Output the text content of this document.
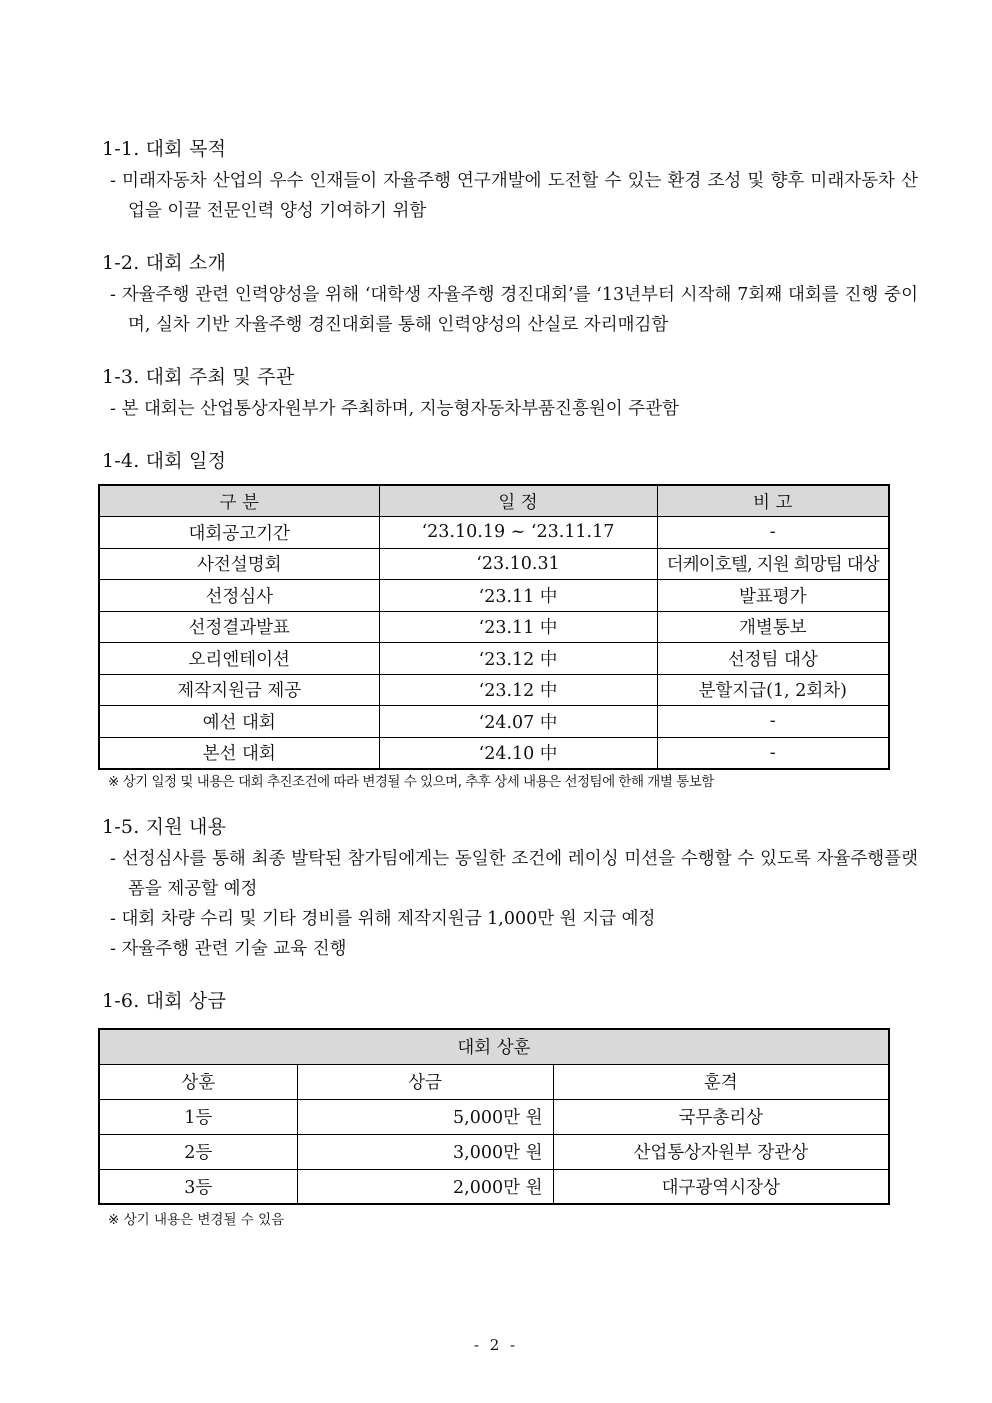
1-1. 대회 목적
- 미래자동차 산업의 우수 인재들이 자율주행 연구개발에 도전할 수 있는 환경 조성 및 향후 미래자동차 산업을 이끌 전문인력 양성 기여하기 위함
1-2. 대회 소개
- 자율주행 관련 인력양성을 위해 ‘대학생 자율주행 경진대회’를 ‘13년부터 시작해 7회째 대회를 진행 중이며, 실차 기반 자율주행 경진대회를 통해 인력양성의 산실로 자리매김함
1-3. 대회 주최 및 주관
- 본 대회는 산업통상자원부가 주최하며, 지능형자동차부품진흥원이 주관함
1-4. 대회 일정
구 분	일 정	비 고
대회공고기간	‘23.10.19 ~ ‘23.11.17	-
사전설명회	‘23.10.31	더케이호텔, 지원 희망팀 대상
선정심사	‘23.11 中	발표평가
선정결과발표	‘23.11 中	개별통보
오리엔테이션	‘23.12 中	선정팀 대상
제작지원금 제공	‘23.12 中	분할지급(1, 2회차)
예선 대회	‘24.07 中	-
본선 대회	‘24.10 中	-
※ 상기 일정 및 내용은 대회 추진조건에 따라 변경될 수 있으며, 추후 상세 내용은 선정팀에 한해 개별 통보함
1-5. 지원 내용
- 선정심사를 통해 최종 발탁된 참가팀에게는 동일한 조건에 레이싱 미션을 수행할 수 있도록 자율주행플랫폼을 제공할 예정
- 대회 차량 수리 및 기타 경비를 위해 제작지원금 1,000만 원 지급 예정
- 자율주행 관련 기술 교육 진행
1-6. 대회 상금
대회 상훈		
상훈	상금	훈격
1등	5,000만 원	국무총리상
2등	3,000만 원	산업통상자원부 장관상
3등	2,000만 원	대구광역시장상
※ 상기 내용은 변경될 수 있음
- 2 -
